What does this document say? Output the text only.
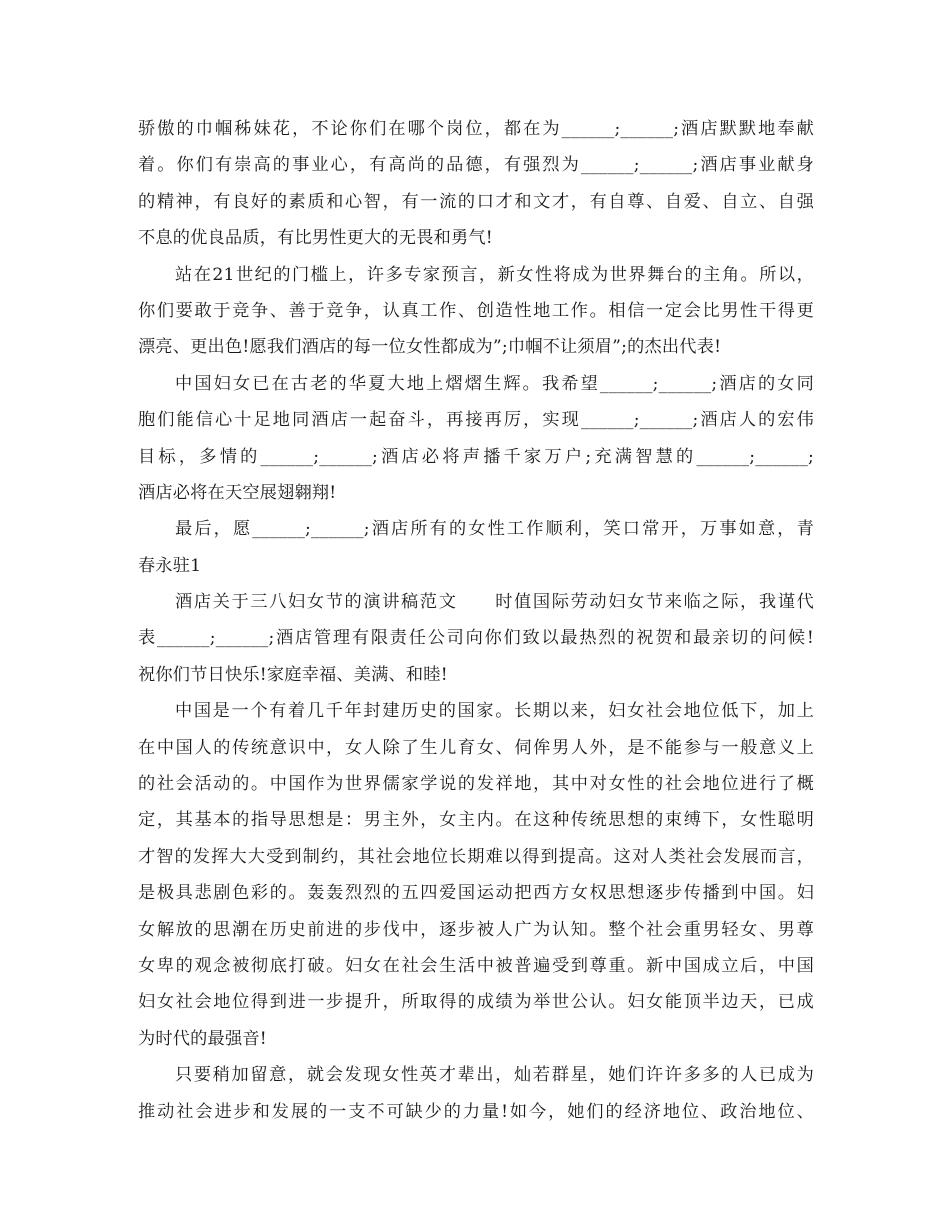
骄傲的巾帼秭妹花，不论你们在哪个岗位，都在为______;______;酒店默默地奉献
着。你们有崇高的事业心，有高尚的品德，有强烈为______;______;酒店事业献身
的精神，有良好的素质和心智，有一流的口才和文才，有自尊、自爱、自立、自强
不息的优良品质，有比男性更大的无畏和勇气!
站在21世纪的门槛上，许多专家预言，新女性将成为世界舞台的主角。所以，
你们要敢于竞争、善于竞争，认真工作、创造性地工作。相信一定会比男性干得更
漂亮、更出色!愿我们酒店的每一位女性都成为”;巾帼不让须眉”;的杰出代表!
中国妇女已在古老的华夏大地上熠熠生辉。我希望______;______;酒店的女同
胞们能信心十足地同酒店一起奋斗，再接再厉，实现______;______;酒店人的宏伟
目标，多情的______;______;酒店必将声播千家万户;充满智慧的______;______;
酒店必将在天空展翅翱翔!
最后，愿______;______;酒店所有的女性工作顺利，笑口常开，万事如意，青
春永驻1
酒店关于三八妇女节的演讲稿范文　　时值国际劳动妇女节来临之际，我谨代
表______;______;酒店管理有限责任公司向你们致以最热烈的祝贺和最亲切的问候!
祝你们节日快乐!家庭幸福、美满、和睦!
中国是一个有着几千年封建历史的国家。长期以来，妇女社会地位低下，加上
在中国人的传统意识中，女人除了生儿育女、伺侔男人外，是不能参与一般意义上
的社会活动的。中国作为世界儒家学说的发祥地，其中对女性的社会地位进行了概
定，其基本的指导思想是：男主外，女主内。在这种传统思想的束缚下，女性聪明
才智的发挥大大受到制约，其社会地位长期难以得到提高。这对人类社会发展而言，
是极具悲剧色彩的。轰轰烈烈的五四爱国运动把西方女权思想逐步传播到中国。妇
女解放的思潮在历史前进的步伐中，逐步被人广为认知。整个社会重男轻女、男尊
女卑的观念被彻底打破。妇女在社会生活中被普遍受到尊重。新中国成立后，中国
妇女社会地位得到进一步提升，所取得的成绩为举世公认。妇女能顶半边天，已成
为时代的最强音!
只要稍加留意，就会发现女性英才辈出，灿若群星，她们许许多多的人已成为
推动社会进步和发展的一支不可缺少的力量!如今，她们的经济地位、政治地位、
